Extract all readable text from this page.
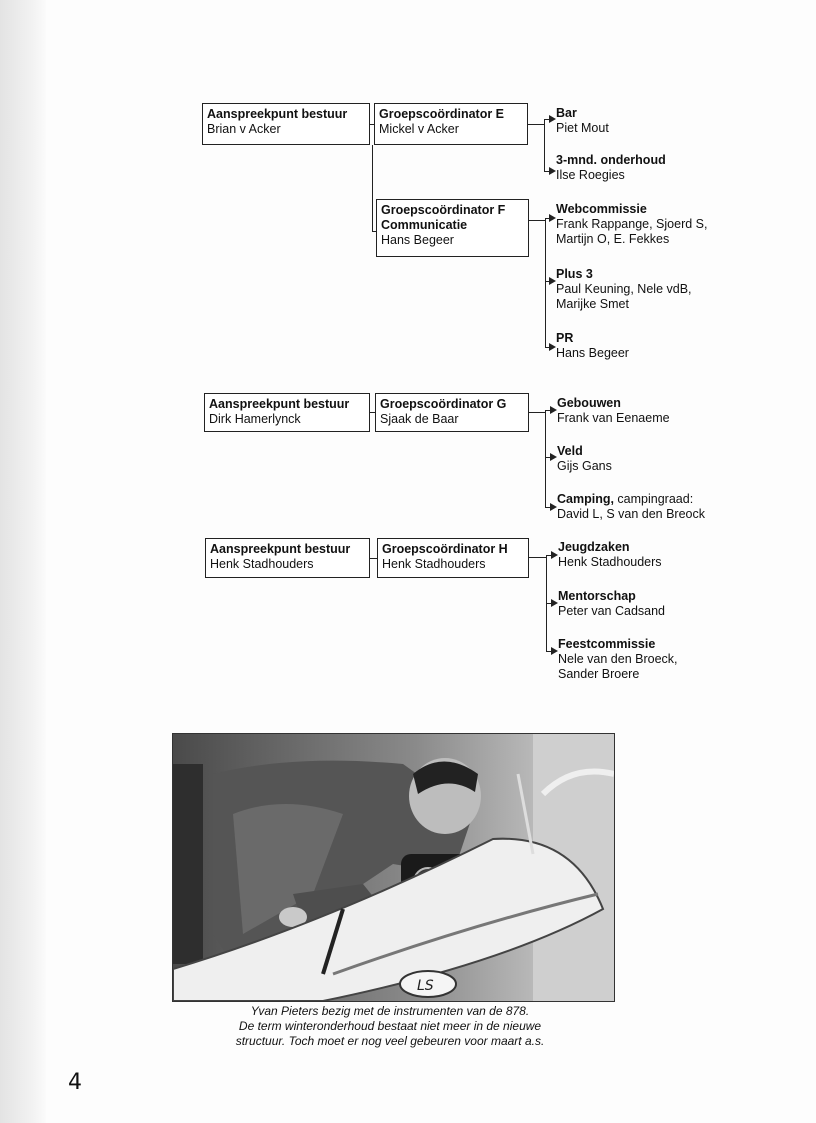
Aanspreekpunt bestuur
Brian v Acker
Groepscoördinator E
Mickel v Acker
Groepscoördinator F
Communicatie
Hans Begeer
Bar
Piet Mout
3-mnd. onderhoud
Ilse Roegies
Webcommissie
Frank Rappange, Sjoerd S,
Martijn O, E. Fekkes
Plus 3
Paul Keuning, Nele vdB,
Marijke Smet
PR
Hans Begeer
Aanspreekpunt bestuur
Dirk Hamerlynck
Groepscoördinator G
Sjaak de Baar
Gebouwen
Frank van Eenaeme
Veld
Gijs Gans
Camping, campingraad:
David L, S van den Breock
Aanspreekpunt bestuur
Henk Stadhouders
Groepscoördinator H
Henk Stadhouders
Jeugdzaken
Henk Stadhouders
Mentorschap
Peter van Cadsand
Feestcommissie
Nele van den Broeck,
Sander Broere
LS
Yvan Pieters bezig met de instrumenten van de 878.
De term winteronderhoud bestaat niet meer in de nieuwe
structuur. Toch moet er nog veel gebeuren voor maart a.s.
4
